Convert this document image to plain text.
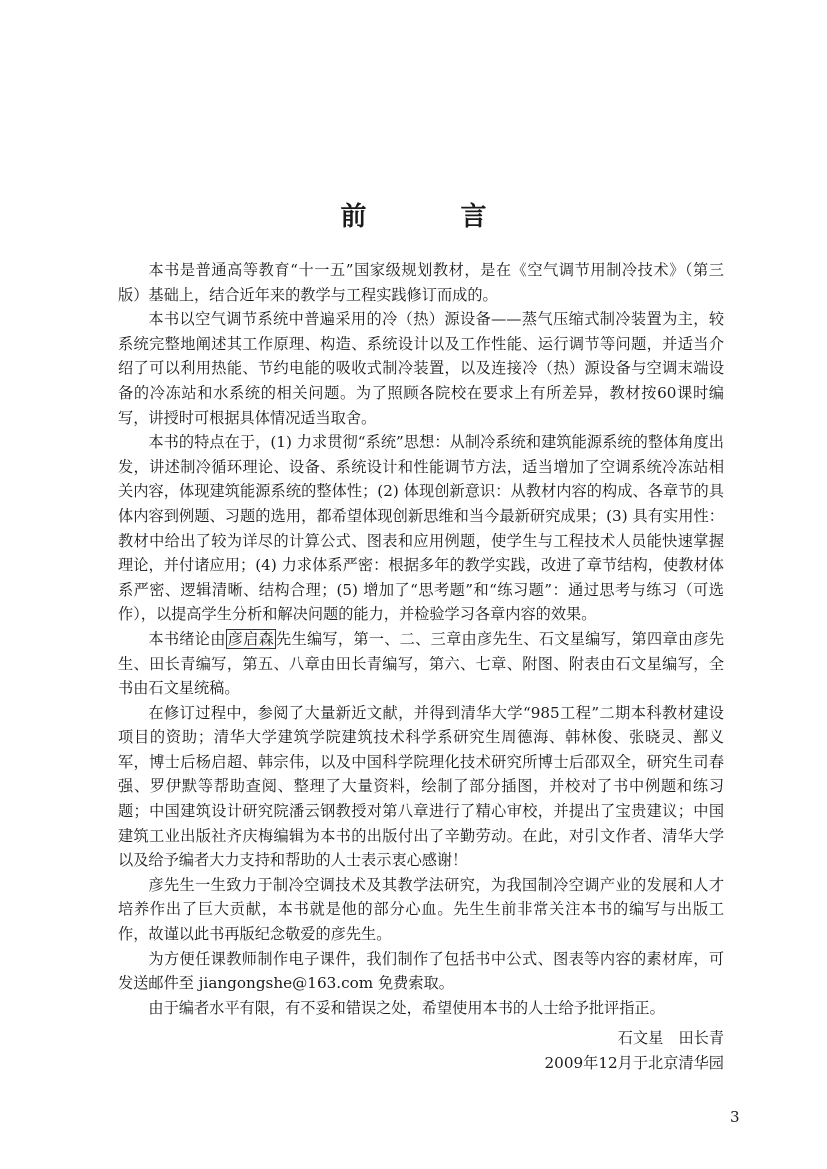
前　言

本书是普通高等教育“十一五”国家级规划教材，是在《空气调节用制冷技术》（第三版）基础上，结合近年来的教学与工程实践修订而成的。

本书以空气调节系统中普遍采用的冷（热）源设备——蒸气压缩式制冷装置为主，较系统完整地阐述其工作原理、构造、系统设计以及工作性能、运行调节等问题，并适当介绍了可以利用热能、节约电能的吸收式制冷装置，以及连接冷（热）源设备与空调末端设备的冷冻站和水系统的相关问题。为了照顾各院校在要求上有所差异，教材按60课时编写，讲授时可根据具体情况适当取舍。

本书的特点在于，(1) 力求贯彻“系统”思想：从制冷系统和建筑能源系统的整体角度出发，讲述制冷循环理论、设备、系统设计和性能调节方法，适当增加了空调系统冷冻站相关内容，体现建筑能源系统的整体性；(2) 体现创新意识：从教材内容的构成、各章节的具体内容到例题、习题的选用，都希望体现创新思维和当今最新研究成果；(3) 具有实用性：教材中给出了较为详尽的计算公式、图表和应用例题，使学生与工程技术人员能快速掌握理论，并付诸应用；(4) 力求体系严密：根据多年的教学实践，改进了章节结构，使教材体系严密、逻辑清晰、结构合理；(5) 增加了“思考题”和“练习题”：通过思考与练习（可选作），以提高学生分析和解决问题的能力，并检验学习各章内容的效果。

本书绪论由 彦启森 先生编写，第一、二、三章由彦先生、石文星编写，第四章由彦先生、田长青编写，第五、八章由田长青编写，第六、七章、附图、附表由石文星编写，全书由石文星统稿。

在修订过程中，参阅了大量新近文献，并得到清华大学“985工程”二期本科教材建设项目的资助；清华大学建筑学院建筑技术科学系研究生周德海、韩林俊、张晓灵、鄯义军，博士后杨启超、韩宗伟，以及中国科学院理化技术研究所博士后邵双全，研究生司春强、罗伊默等帮助查阅、整理了大量资料，绘制了部分插图，并校对了书中例题和练习题；中国建筑设计研究院潘云钢教授对第八章进行了精心审校，并提出了宝贵建议；中国建筑工业出版社齐庆梅编辑为本书的出版付出了辛勤劳动。在此，对引文作者、清华大学以及给予编者大力支持和帮助的人士表示衷心感谢！

彦先生一生致力于制冷空调技术及其教学法研究，为我国制冷空调产业的发展和人才培养作出了巨大贡献，本书就是他的部分心血。先生生前非常关注本书的编写与出版工作，故谨以此书再版纪念敬爱的彦先生。

为方便任课教师制作电子课件，我们制作了包括书中公式、图表等内容的素材库，可发送邮件至 jiangongshe@163.com 免费索取。

由于编者水平有限，有不妥和错误之处，希望使用本书的人士给予批评指正。

石文星　田长青
2009年12月于北京清华园
3
